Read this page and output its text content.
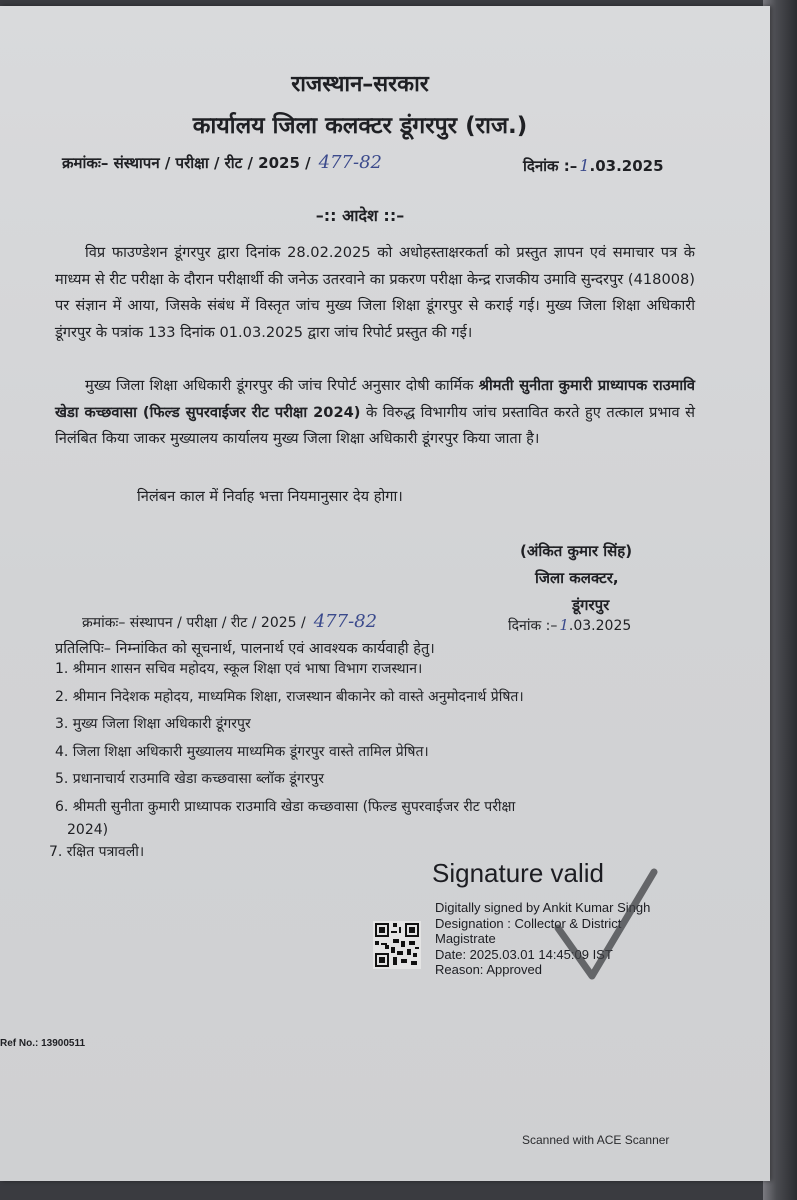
राजस्थान–सरकार
कार्यालय जिला कलक्टर डूंगरपुर (राज.)
क्रमांकः– संस्थापन / परीक्षा / रीट / 2025 / 477-82	दिनांक :– 1.03.2025
–:: आदेश ::–
विप्र फाउण्डेशन डूंगरपुर द्वारा दिनांक 28.02.2025 को अधोहस्ताक्षरकर्ता को प्रस्तुत ज्ञापन एवं समाचार पत्र के माध्यम से रीट परीक्षा के दौरान परीक्षार्थी की जनेऊ उतरवाने का प्रकरण परीक्षा केन्द्र राजकीय उमावि सुन्दरपुर (418008) पर संज्ञान में आया, जिसके संबंध में विस्तृत जांच मुख्य जिला शिक्षा डूंगरपुर से कराई गई। मुख्य जिला शिक्षा अधिकारी डूंगरपुर के पत्रांक 133 दिनांक 01.03.2025 द्वारा जांच रिपोर्ट प्रस्तुत की गई।
मुख्य जिला शिक्षा अधिकारी डूंगरपुर की जांच रिपोर्ट अनुसार दोषी कार्मिक श्रीमती सुनीता कुमारी प्राध्यापक राउमावि खेडा कच्छवासा (फिल्ड सुपरवाईजर रीट परीक्षा 2024) के विरुद्ध विभागीय जांच प्रस्तावित करते हुए तत्काल प्रभाव से निलंबित किया जाकर मुख्यालय कार्यालय मुख्य जिला शिक्षा अधिकारी डूंगरपुर किया जाता है।
निलंबन काल में निर्वाह भत्ता नियमानुसार देय होगा।
(अंकित कुमार सिंह)
जिला कलक्टर,
डूंगरपुर
क्रमांकः– संस्थापन / परीक्षा / रीट / 2025 / 477-82	दिनांक :– 1.03.2025
प्रतिलिपिः– निम्नांकित को सूचनार्थ, पालनार्थ एवं आवश्यक कार्यवाही हेतु।
1. श्रीमान शासन सचिव महोदय, स्कूल शिक्षा एवं भाषा विभाग राजस्थान।
2. श्रीमान निदेशक महोदय, माध्यमिक शिक्षा, राजस्थान बीकानेर को वास्ते अनुमोदनार्थ प्रेषित।
3. मुख्य जिला शिक्षा अधिकारी डूंगरपुर
4. जिला शिक्षा अधिकारी मुख्यालय माध्यमिक डूंगरपुर वास्ते तामिल प्रेषित।
5. प्रधानाचार्य राउमावि खेडा कच्छवासा ब्लॉक डूंगरपुर
6. श्रीमती सुनीता कुमारी प्राध्यापक राउमावि खेडा कच्छवासा (फिल्ड सुपरवाईजर रीट परीक्षा
2024)
7. रक्षित पत्रावली।
Signature valid
Digitally signed by Ankit Kumar Singh
Designation : Collector & District
Magistrate
Date: 2025.03.01 14:45:09 IST
Reason: Approved
Ref No.: 13900511
Scanned with ACE Scanner
